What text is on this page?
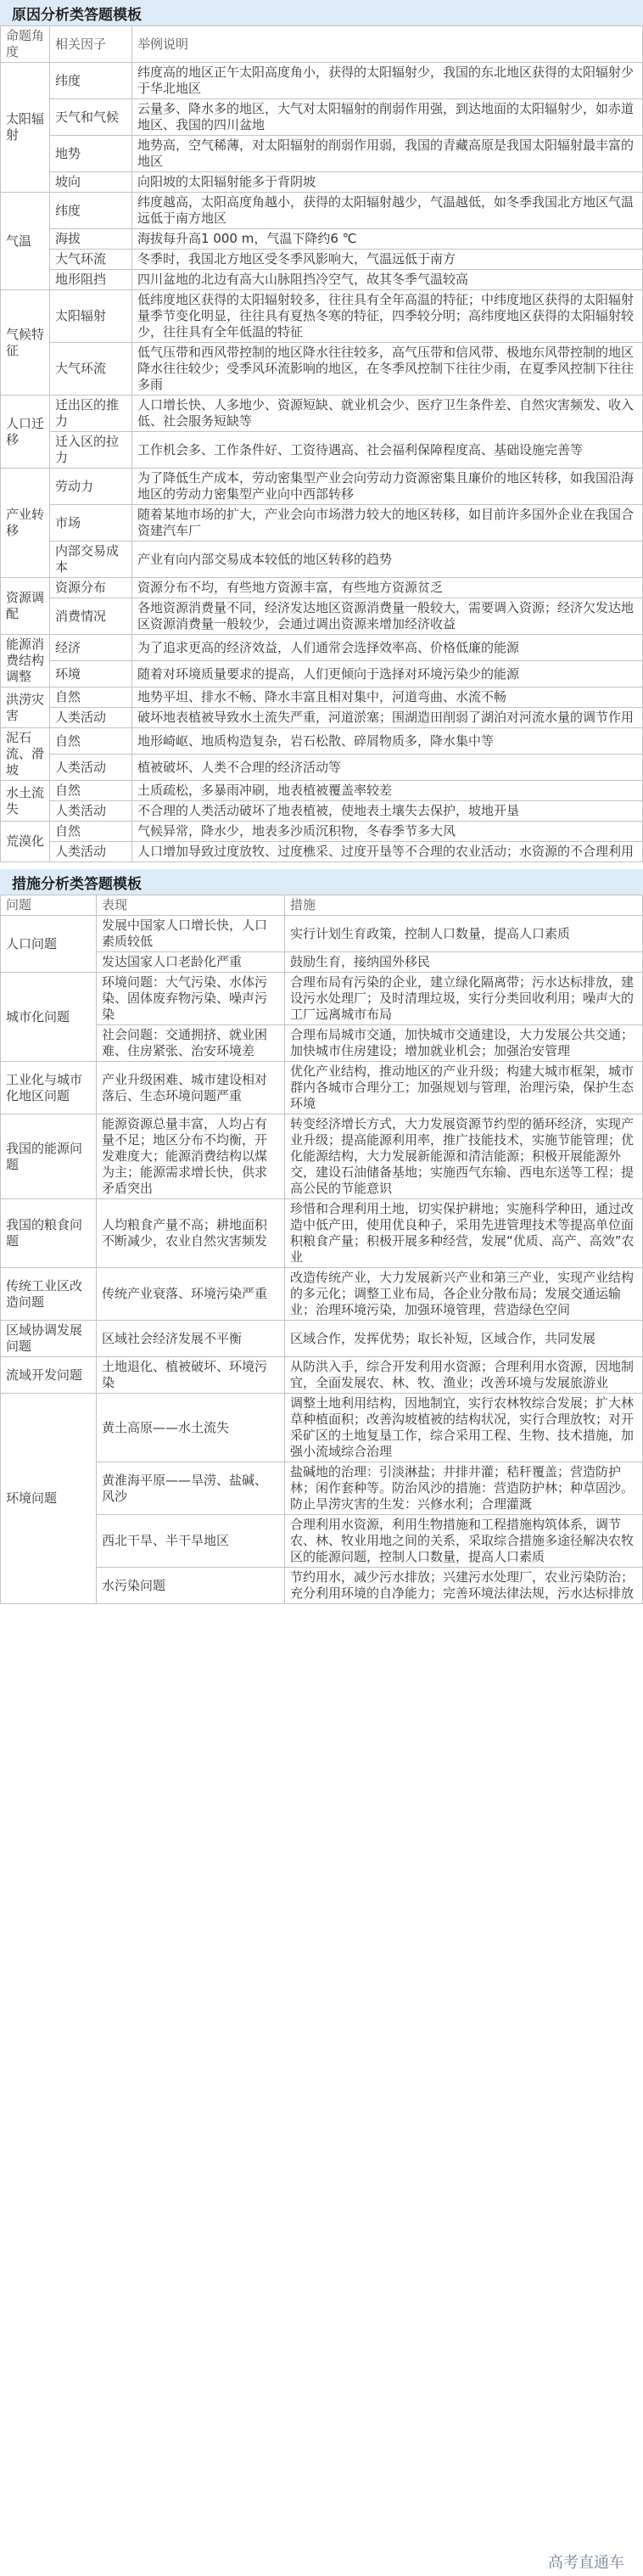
原因分析类答题模板
命题角度	相关因子	举例说明
太阳辐射	纬度	纬度高的地区正午太阳高度角小，获得的太阳辐射少，我国的东北地区获得的太阳辐射少于华北地区
	天气和气候	云量多、降水多的地区，大气对太阳辐射的削弱作用强，到达地面的太阳辐射少，如赤道地区、我国的四川盆地
	地势	地势高，空气稀薄，对太阳辐射的削弱作用弱，我国的青藏高原是我国太阳辐射最丰富的地区
	坡向	向阳坡的太阳辐射能多于背阴坡
气温	纬度	纬度越高，太阳高度角越小，获得的太阳辐射越少，气温越低，如冬季我国北方地区气温远低于南方地区
	海拔	海拔每升高1 000 m，气温下降约6 ℃
	大气环流	冬季时，我国北方地区受冬季风影响大，气温远低于南方
	地形阻挡	四川盆地的北边有高大山脉阻挡冷空气，故其冬季气温较高
气候特征	太阳辐射	低纬度地区获得的太阳辐射较多，往往具有全年高温的特征；中纬度地区获得的太阳辐射量季节变化明显，往往具有夏热冬寒的特征，四季较分明；高纬度地区获得的太阳辐射较少，往往具有全年低温的特征
	大气环流	低气压带和西风带控制的地区降水往往较多，高气压带和信风带、极地东风带控制的地区降水往往较少；受季风环流影响的地区，在冬季风控制下往往少雨，在夏季风控制下往往多雨
人口迁移	迁出区的推力	人口增长快、人多地少、资源短缺、就业机会少、医疗卫生条件差、自然灾害频发、收入低、社会服务短缺等
	迁入区的拉力	工作机会多、工作条件好、工资待遇高、社会福利保障程度高、基础设施完善等
产业转移	劳动力	为了降低生产成本，劳动密集型产业会向劳动力资源密集且廉价的地区转移，如我国沿海地区的劳动力密集型产业向中西部转移
	市场	随着某地市场的扩大，产业会向市场潜力较大的地区转移，如目前许多国外企业在我国合资建汽车厂
	内部交易成本	产业有向内部交易成本较低的地区转移的趋势
资源调配	资源分布	资源分布不均，有些地方资源丰富，有些地方资源贫乏
	消费情况	各地资源消费量不同，经济发达地区资源消费量一般较大，需要调入资源；经济欠发达地区资源消费量一般较少，会通过调出资源来增加经济收益
能源消费结构调整	经济	为了追求更高的经济效益，人们通常会选择效率高、价格低廉的能源
	环境	随着对环境质量要求的提高，人们更倾向于选择对环境污染少的能源
洪涝灾害	自然	地势平坦、排水不畅、降水丰富且相对集中，河道弯曲、水流不畅
	人类活动	破坏地表植被导致水土流失严重，河道淤塞；围湖造田削弱了湖泊对河流水量的调节作用
泥石流、滑坡	自然	地形崎岖、地质构造复杂，岩石松散、碎屑物质多，降水集中等
	人类活动	植被破坏、人类不合理的经济活动等
水土流失	自然	土质疏松，多暴雨冲刷，地表植被覆盖率较差
	人类活动	不合理的人类活动破坏了地表植被，使地表土壤失去保护，坡地开垦
荒漠化	自然	气候异常，降水少，地表多沙质沉积物，冬春季节多大风
	人类活动	人口增加导致过度放牧、过度樵采、过度开垦等不合理的农业活动；水资源的不合理利用
措施分析类答题模板
问题	表现	措施
人口问题	发展中国家人口增长快，人口素质较低	实行计划生育政策，控制人口数量，提高人口素质
	发达国家人口老龄化严重	鼓励生育，接纳国外移民
城市化问题	环境问题：大气污染、水体污染、固体废弃物污染、噪声污染	合理布局有污染的企业，建立绿化隔离带；污水达标排放，建设污水处理厂；及时清理垃圾，实行分类回收利用；噪声大的工厂远离城市布局
	社会问题：交通拥挤、就业困难、住房紧张、治安环境差	合理布局城市交通，加快城市交通建设，大力发展公共交通；加快城市住房建设；增加就业机会；加强治安管理
工业化与城市化地区问题	产业升级困难、城市建设相对落后、生态环境问题严重	优化产业结构，推动地区的产业升级；构建大城市框架，城市群内各城市合理分工；加强规划与管理，治理污染，保护生态环境
我国的能源问题	能源资源总量丰富，人均占有量不足；地区分布不均衡，开发难度大；能源消费结构以煤为主；能源需求增长快，供求矛盾突出	转变经济增长方式，大力发展资源节约型的循环经济，实现产业升级；提高能源利用率，推广技能技术，实施节能管理；优化能源结构，大力发展新能源和清洁能源；积极开展能源外交，建设石油储备基地；实施西气东输、西电东送等工程；提高公民的节能意识
我国的粮食问题	人均粮食产量不高；耕地面积不断减少，农业自然灾害频发	珍惜和合理利用土地，切实保护耕地；实施科学种田，通过改造中低产田，使用优良种子，采用先进管理技术等提高单位面积粮食产量；积极开展多种经营，发展“优质、高产、高效”农业
传统工业区改造问题	传统产业衰落、环境污染严重	改造传统产业，大力发展新兴产业和第三产业，实现产业结构的多元化；调整工业布局，各企业分散布局；发展交通运输业；治理环境污染，加强环境管理，营造绿色空间
区域协调发展问题	区域社会经济发展不平衡	区域合作，发挥优势；取长补短，区域合作，共同发展
流域开发问题	土地退化、植被破坏、环境污染	从防洪入手，综合开发利用水资源；合理利用水资源，因地制宜，全面发展农、林、牧、渔业；改善环境与发展旅游业
环境问题	黄土高原——水土流失	调整土地利用结构，因地制宜，实行农林牧综合发展；扩大林草种植面积；改善沟坡植被的结构状况，实行合理放牧；对开采矿区的土地复垦工作，综合采用工程、生物、技术措施，加强小流域综合治理
	黄淮海平原——旱涝、盐碱、风沙	盐碱地的治理：引淡淋盐；井排井灌；秸秆覆盖；营造防护林；闲作套种等。防治风沙的措施：营造防护林；种草固沙。防止旱涝灾害的生发：兴修水利；合理灌溉
	西北干旱、半干旱地区	合理利用水资源，利用生物措施和工程措施构筑体系，调节农、林、牧业用地之间的关系，采取综合措施多途径解决农牧区的能源问题，控制人口数量，提高人口素质
	水污染问题	节约用水，减少污水排放；兴建污水处理厂，农业污染防治；充分利用环境的自净能力；完善环境法律法规，污水达标排放
高考直通车
